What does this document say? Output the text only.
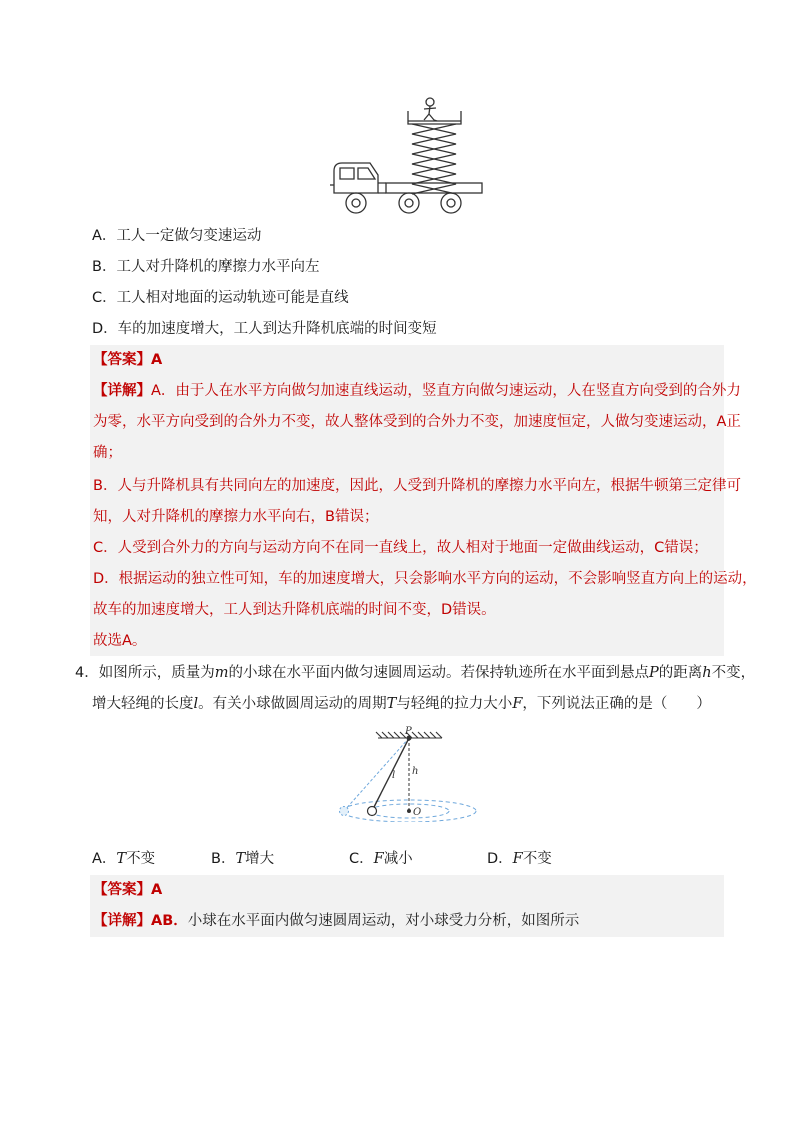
A．工人一定做匀变速运动
B．工人对升降机的摩擦力水平向左
C．工人相对地面的运动轨迹可能是直线
D．车的加速度增大，工人到达升降机底端的时间变短
【答案】A
【详解】A．由于人在水平方向做匀加速直线运动，竖直方向做匀速运动，人在竖直方向受到的合外力
为零，水平方向受到的合外力不变，故人整体受到的合外力不变，加速度恒定，人做匀变速运动，A正
确；
B．人与升降机具有共同向左的加速度，因此，人受到升降机的摩擦力水平向左，根据牛顿第三定律可
知，人对升降机的摩擦力水平向右，B错误；
C．人受到合外力的方向与运动方向不在同一直线上，故人相对于地面一定做曲线运动，C错误；
D．根据运动的独立性可知，车的加速度增大，只会影响水平方向的运动，不会影响竖直方向上的运动，
故车的加速度增大，工人到达升降机底端的时间不变，D错误。
故选A。
4．如图所示，质量为m的小球在水平面内做匀速圆周运动。若保持轨迹所在水平面到悬点P的距离h不变，
增大轻绳的长度l。有关小球做圆周运动的周期T与轻绳的拉力大小F，下列说法正确的是（　　）
P
l h
O
A．T不变	B．T增大	C．F减小	D．F不变
【答案】A
【详解】AB．小球在水平面内做匀速圆周运动，对小球受力分析，如图所示
